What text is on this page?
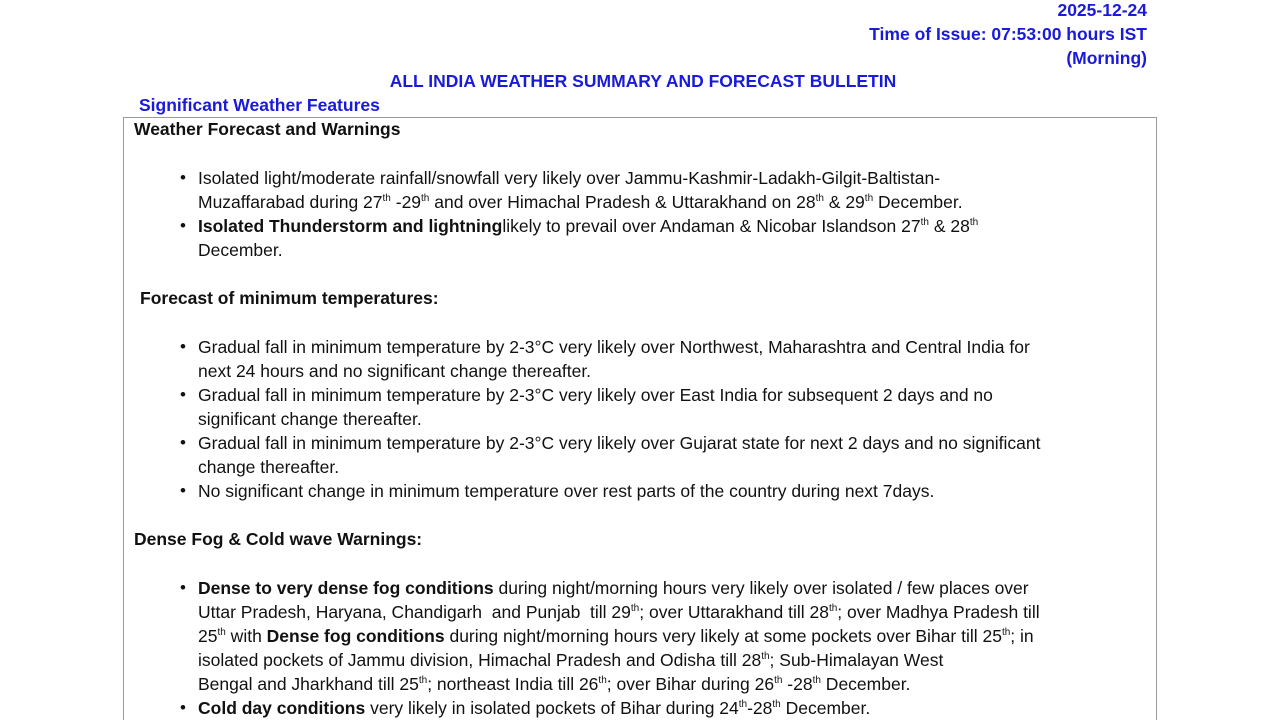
2025-12-24
Time of Issue: 07:53:00 hours IST
(Morning)
ALL INDIA WEATHER SUMMARY AND FORECAST BULLETIN
Significant Weather Features
Weather Forecast and Warnings
• Isolated light/moderate rainfall/snowfall very likely over Jammu-Kashmir-Ladakh-Gilgit-Baltistan-
Muzaffarabad during 27th -29th and over Himachal Pradesh & Uttarakhand on 28th & 29th December.
• Isolated Thunderstorm and lightninglikely to prevail over Andaman & Nicobar Islandson 27th & 28th
December.
Forecast of minimum temperatures:
• Gradual fall in minimum temperature by 2-3°C very likely over Northwest, Maharashtra and Central India for
next 24 hours and no significant change thereafter.
• Gradual fall in minimum temperature by 2-3°C very likely over East India for subsequent 2 days and no
significant change thereafter.
• Gradual fall in minimum temperature by 2-3°C very likely over Gujarat state for next 2 days and no significant
change thereafter.
• No significant change in minimum temperature over rest parts of the country during next 7days.
Dense Fog & Cold wave Warnings:
• Dense to very dense fog conditions during night/morning hours very likely over isolated / few places over
Uttar Pradesh, Haryana, Chandigarh  and Punjab  till 29th; over Uttarakhand till 28th; over Madhya Pradesh till
25th with Dense fog conditions during night/morning hours very likely at some pockets over Bihar till 25th; in
isolated pockets of Jammu division, Himachal Pradesh and Odisha till 28th; Sub-Himalayan West
Bengal and Jharkhand till 25th; northeast India till 26th; over Bihar during 26th -28th December.
• Cold day conditions very likely in isolated pockets of Bihar during 24th-28th December.
